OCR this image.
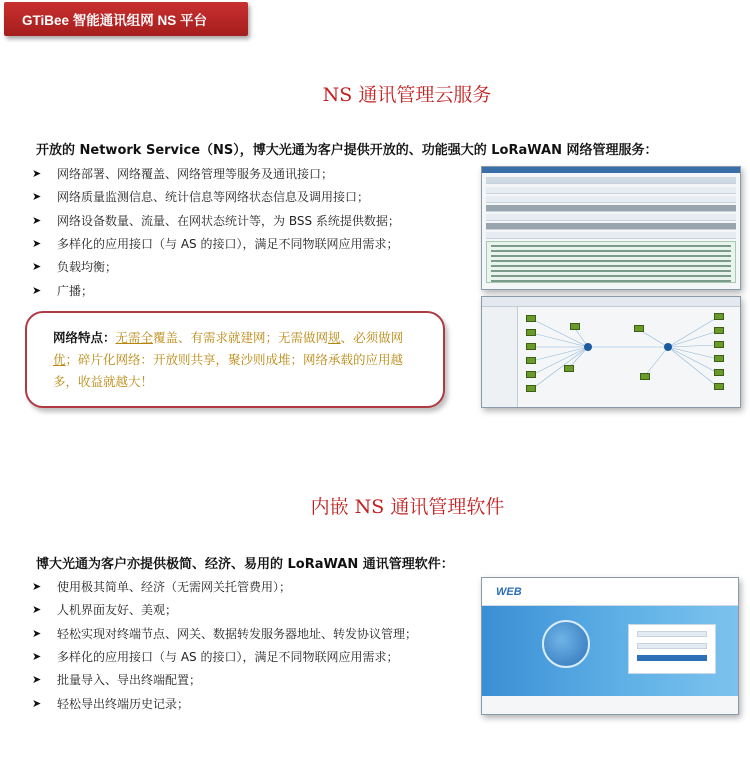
GTiBee 智能通讯组网 NS 平台
NS 通讯管理云服务
开放的 Network Service（NS），博大光通为客户提供开放的、功能强大的 LoRaWAN 网络管理服务：
➤	网络部署、网络覆盖、网络管理等服务及通讯接口；
➤	网络质量监测信息、统计信息等网络状态信息及调用接口；
➤	网络设备数量、流量、在网状态统计等，为 BSS 系统提供数据；
➤	多样化的应用接口（与 AS 的接口），满足不同物联网应用需求；
➤	负载均衡；
➤	广播；
网络特点：无需全覆盖、有需求就建网；无需做网规、必须做网优；碎片化网络：开放则共享，聚沙则成堆；网络承载的应用越多，收益就越大！
内嵌 NS 通讯管理软件
博大光通为客户亦提供极简、经济、易用的 LoRaWAN 通讯管理软件：
➤	使用极其简单、经济（无需网关托管费用）；
➤	人机界面友好、美观；
➤	轻松实现对终端节点、网关、数据转发服务器地址、转发协议管理；
➤	多样化的应用接口（与 AS 的接口），满足不同物联网应用需求；
➤	批量导入、导出终端配置；
➤	轻松导出终端历史记录；
WEB
